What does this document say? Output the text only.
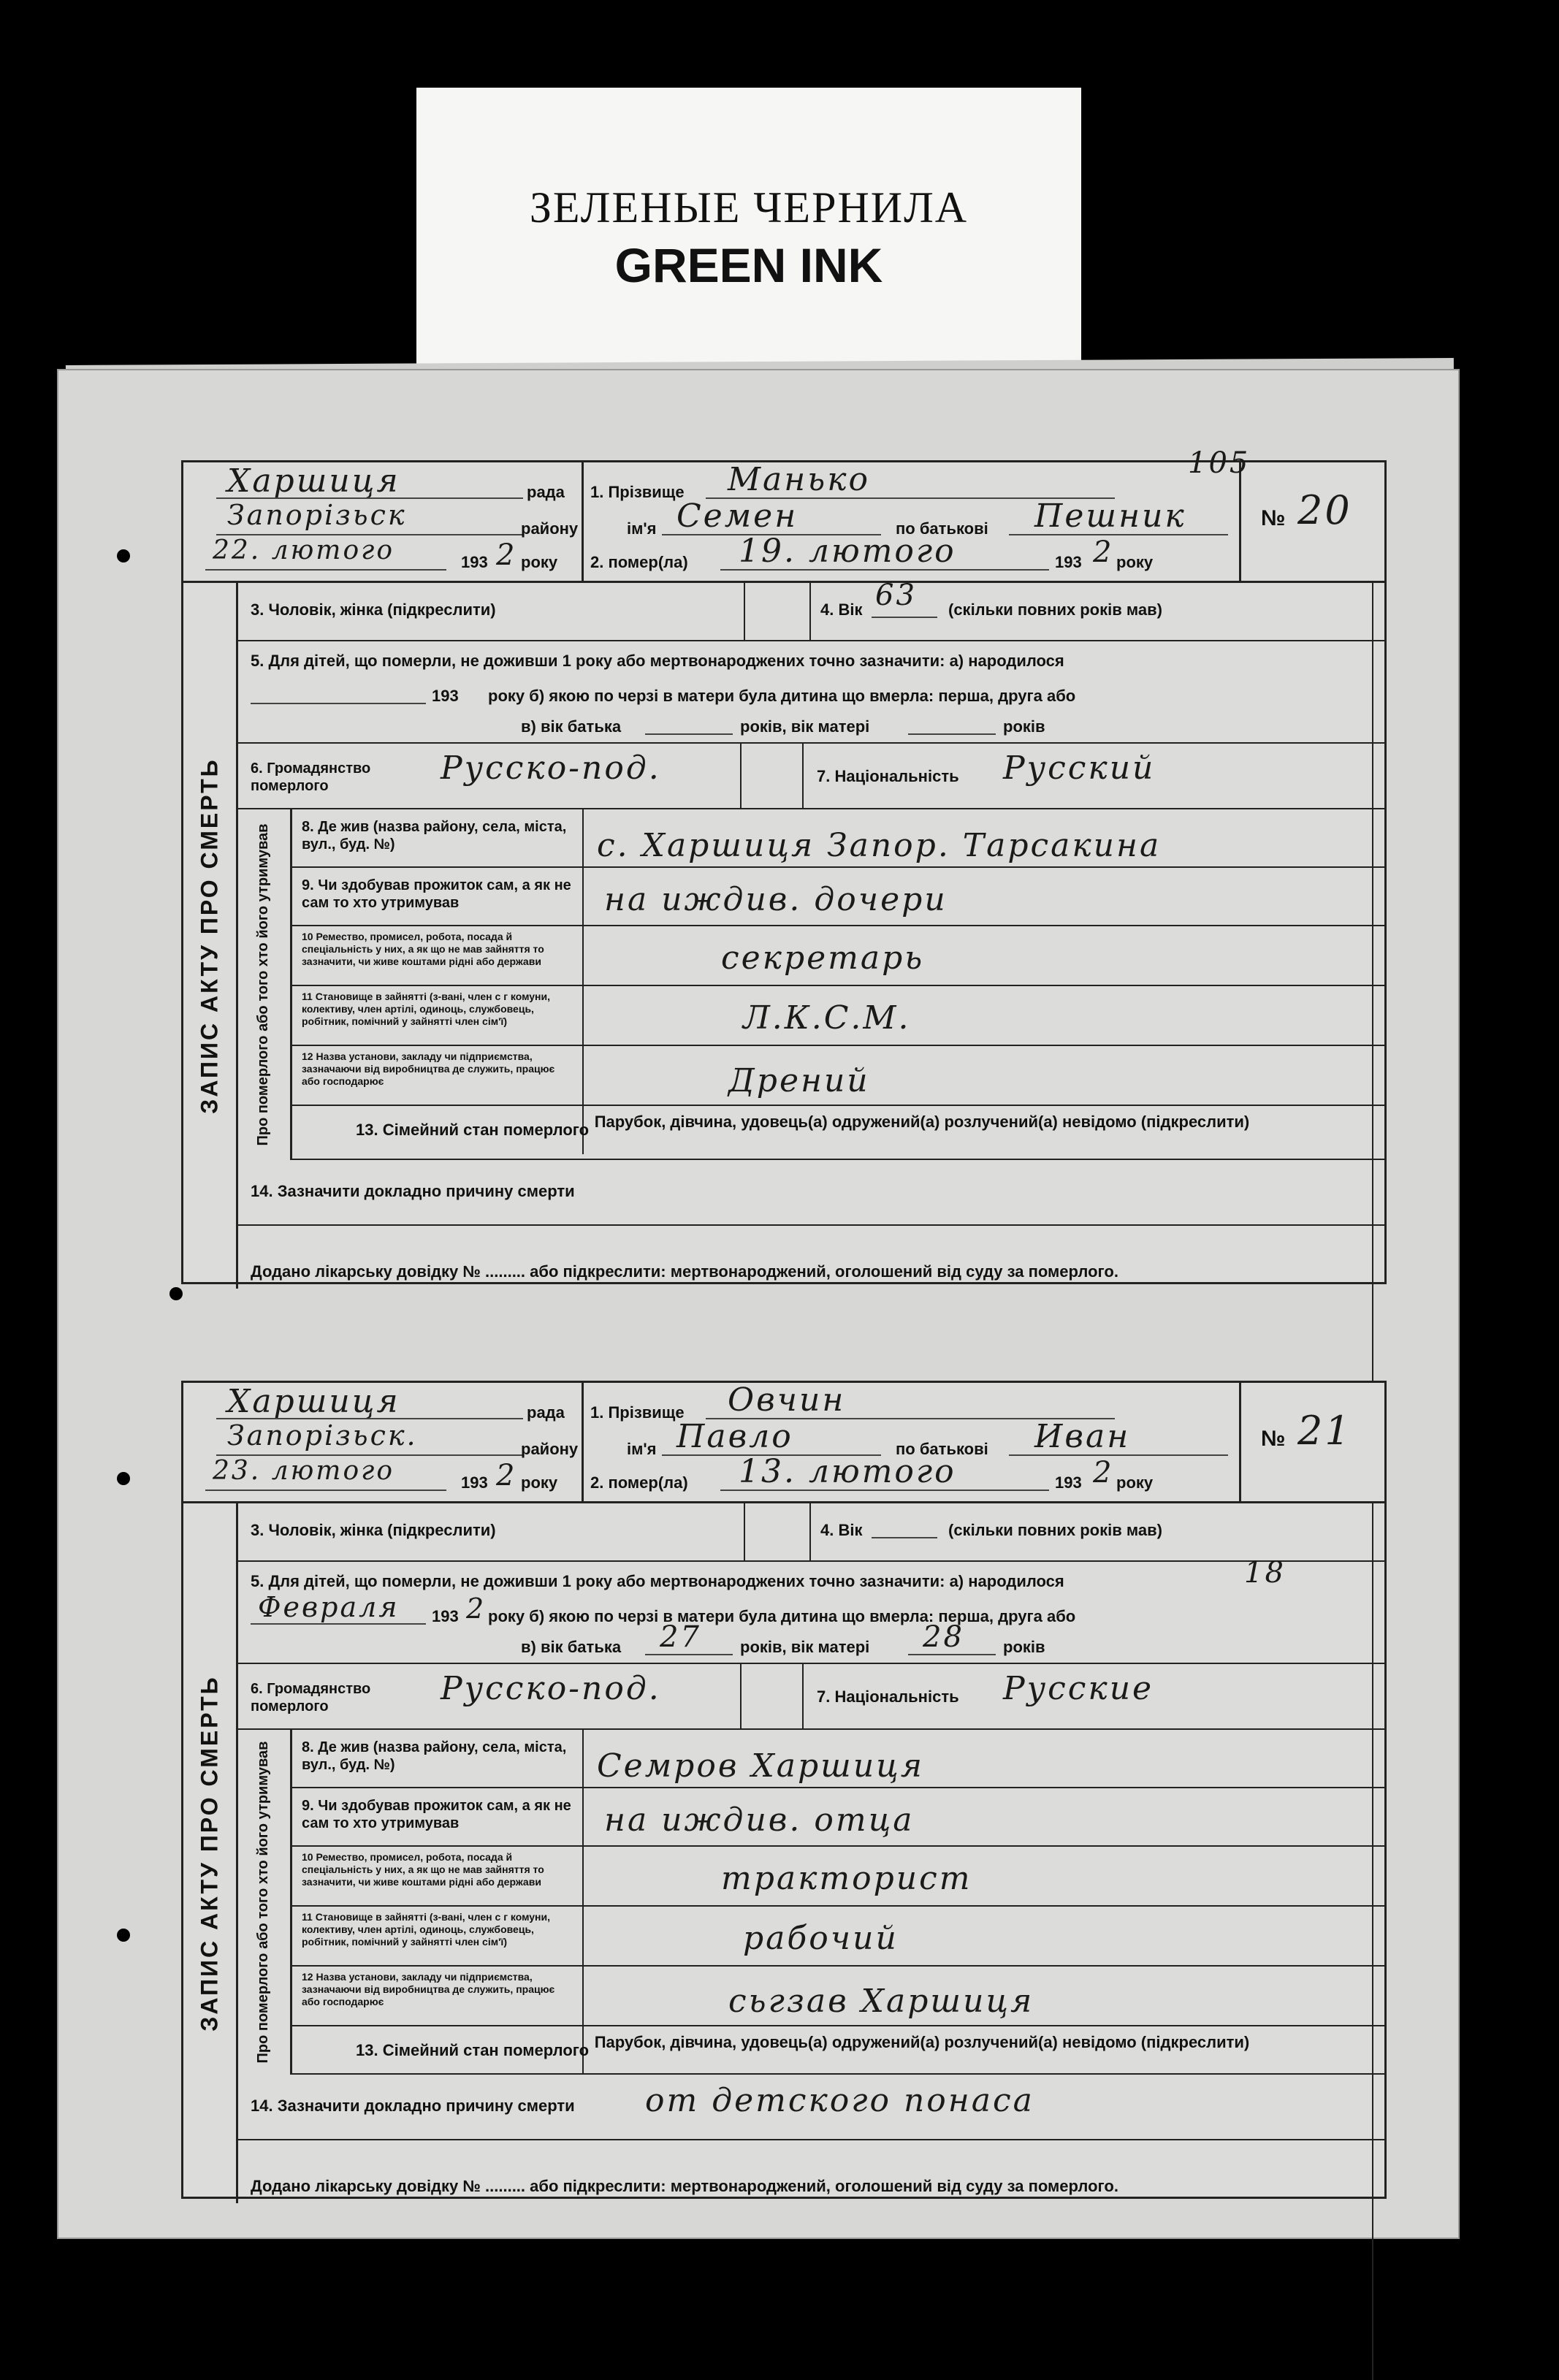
ЗЕЛЕНЫЕ ЧЕРНИЛА
GREEN INK
Харшиця	рада
Запорізьск	району
22. лютого	193 2 року
1. Прізвище Манько
ім'я Семен	по батькові Пешник
2. помер(ла) 19. лютого	193 2 року
105
№ 20
ЗАПИС АКТУ ПРО СМЕРТЬ
3. Чоловік, жінка (підкреслити)	4. Вік 63 (скільки повних років мав)
5. Для дітей, що померли, не доживши 1 року або мертвонароджених точно зазначити: а) народилося
193 року б) якою по черзі в матери була дитина що вмерла: перша, друга або
в) вік батька	років, вік матері	років
6. Громадянство померлого	Русско-под.	7. Національність Русский
Про померлого або того хто його утримував 8. Де жив (назва району, села, міста, вул., буд. №)	с. Харшиця Запор. Тарсакина
9. Чи здобував прожиток сам, а як не сам то хто утримував	на иждив. дочери
10 Ремество, промисел, робота, посада й спеціальність у них, а як що не мав зайняття то зазначити, чи живе коштами рідні або держави	секретарь
11 Становище в зайнятті (з-вані, член с г комуни, колективу, член артілі, одиноць, службовець, робітник, помічний у зайнятті член сім'ї)	Л.К.С.М.
12 Назва установи, закладу чи підприємства, зазначаючи від виробництва де служить, працює або господарює	Дрений
13. Сімейний стан померлого Парубок, дівчина, удовець(а) одружений(а) розлучений(а) невідомо (підкреслити)
14. Зазначити докладно причину смерти
Додано лікарську довідку № ......... або підкреслити: мертвонароджений, оголошений від суду за померлого.
Харшиця	рада
Запорізьск.	району
23. лютого	193 2 року
1. Прізвище Овчин
ім'я Павло	по батькові Иван
2. помер(ла) 13. лютого	193 2 року
№ 21
ЗАПИС АКТУ ПРО СМЕРТЬ
3. Чоловік, жінка (підкреслити)	4. Вік	(скільки повних років мав)
5. Для дітей, що померли, не доживши 1 року або мертвонароджених точно зазначити: а) народилося	18
Февраля 193 2 року б) якою по черзі в матери була дитина що вмерла: перша, друга або
в) вік батька 27 років, вік матері 28 років
6. Громадянство померлого	Русско-под.	7. Національність Русские
Про померлого або того хто його утримував 8. Де жив (назва району, села, міста, вул., буд. №)	Семров Харшиця
9. Чи здобував прожиток сам, а як не сам то хто утримував	на иждив. отца
10 Ремество, промисел, робота, посада й спеціальність у них, а як що не мав зайняття то зазначити, чи живе коштами рідні або держави	тракторист
11 Становище в зайнятті (з-вані, член с г комуни, колективу, член артілі, одиноць, службовець, робітник, помічний у зайнятті член сім'ї)	рабочий
12 Назва установи, закладу чи підприємства, зазначаючи від виробництва де служить, працює або господарює	сьгзав Харшиця
13. Сімейний стан померлого Парубок, дівчина, удовець(а) одружений(а) розлучений(а) невідомо (підкреслити)
14. Зазначити докладно причину смерти от детского понаса
Додано лікарську довідку № ......... або підкреслити: мертвонароджений, оголошений від суду за померлого.
